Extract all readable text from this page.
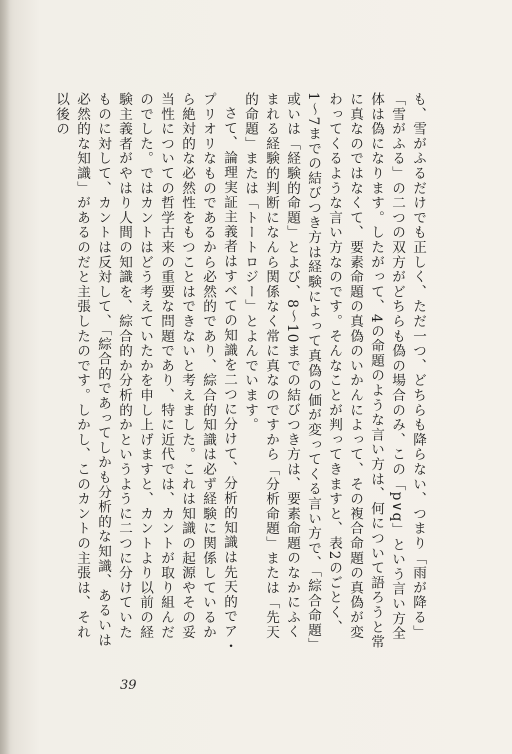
も、雪がふるだけでも正しく、ただ一つ、どちらも降らない、つまり「雨が降る」「雪がふる」の二つの双方がどちらも偽の場合のみ、この「p∨q」という言い方全体は偽になります。したがって、4の命題のような言い方は、何について語ろうと常に真なのではなくて、要素命題の真偽のいかんによって、その複合命題の真偽が変わってくるような言い方なのです。そんなことが判ってきますと、表2のごとく、1〜7までの結びつき方は経験によって真偽の価が変ってくる言い方で、「綜合命題」或いは「経験的命題」とよび、8〜10までの結びつき方は、要素命題のなかにふくまれる経験的判断になんら関係なく常に真なのですから「分析命題」または「先天的命題」または「トートロジー」とよんでいます。

さて、論理実証主義者はすべての知識を二つに分けて、分析的知識は先天的でア・プリオリなものであるから必然的であり、綜合的知識は必ず経験に関係しているから絶対的な必然性をもつことはできないと考えました。これは知識の起源やその妥当性についての哲学古来の重要な問題であり、特に近代では、カントが取り組んだのでした。ではカントはどう考えていたかを申し上げますと、カントより以前の経験主義者がやはり人間の知識を、綜合的か分析的かというように二つに分けていたものに対して、カントは反対して、「綜合的であってしかも分析的な知識、あるいは必然的な知識」があるのだと主張したのです。しかし、このカントの主張は、それ以後の

39
